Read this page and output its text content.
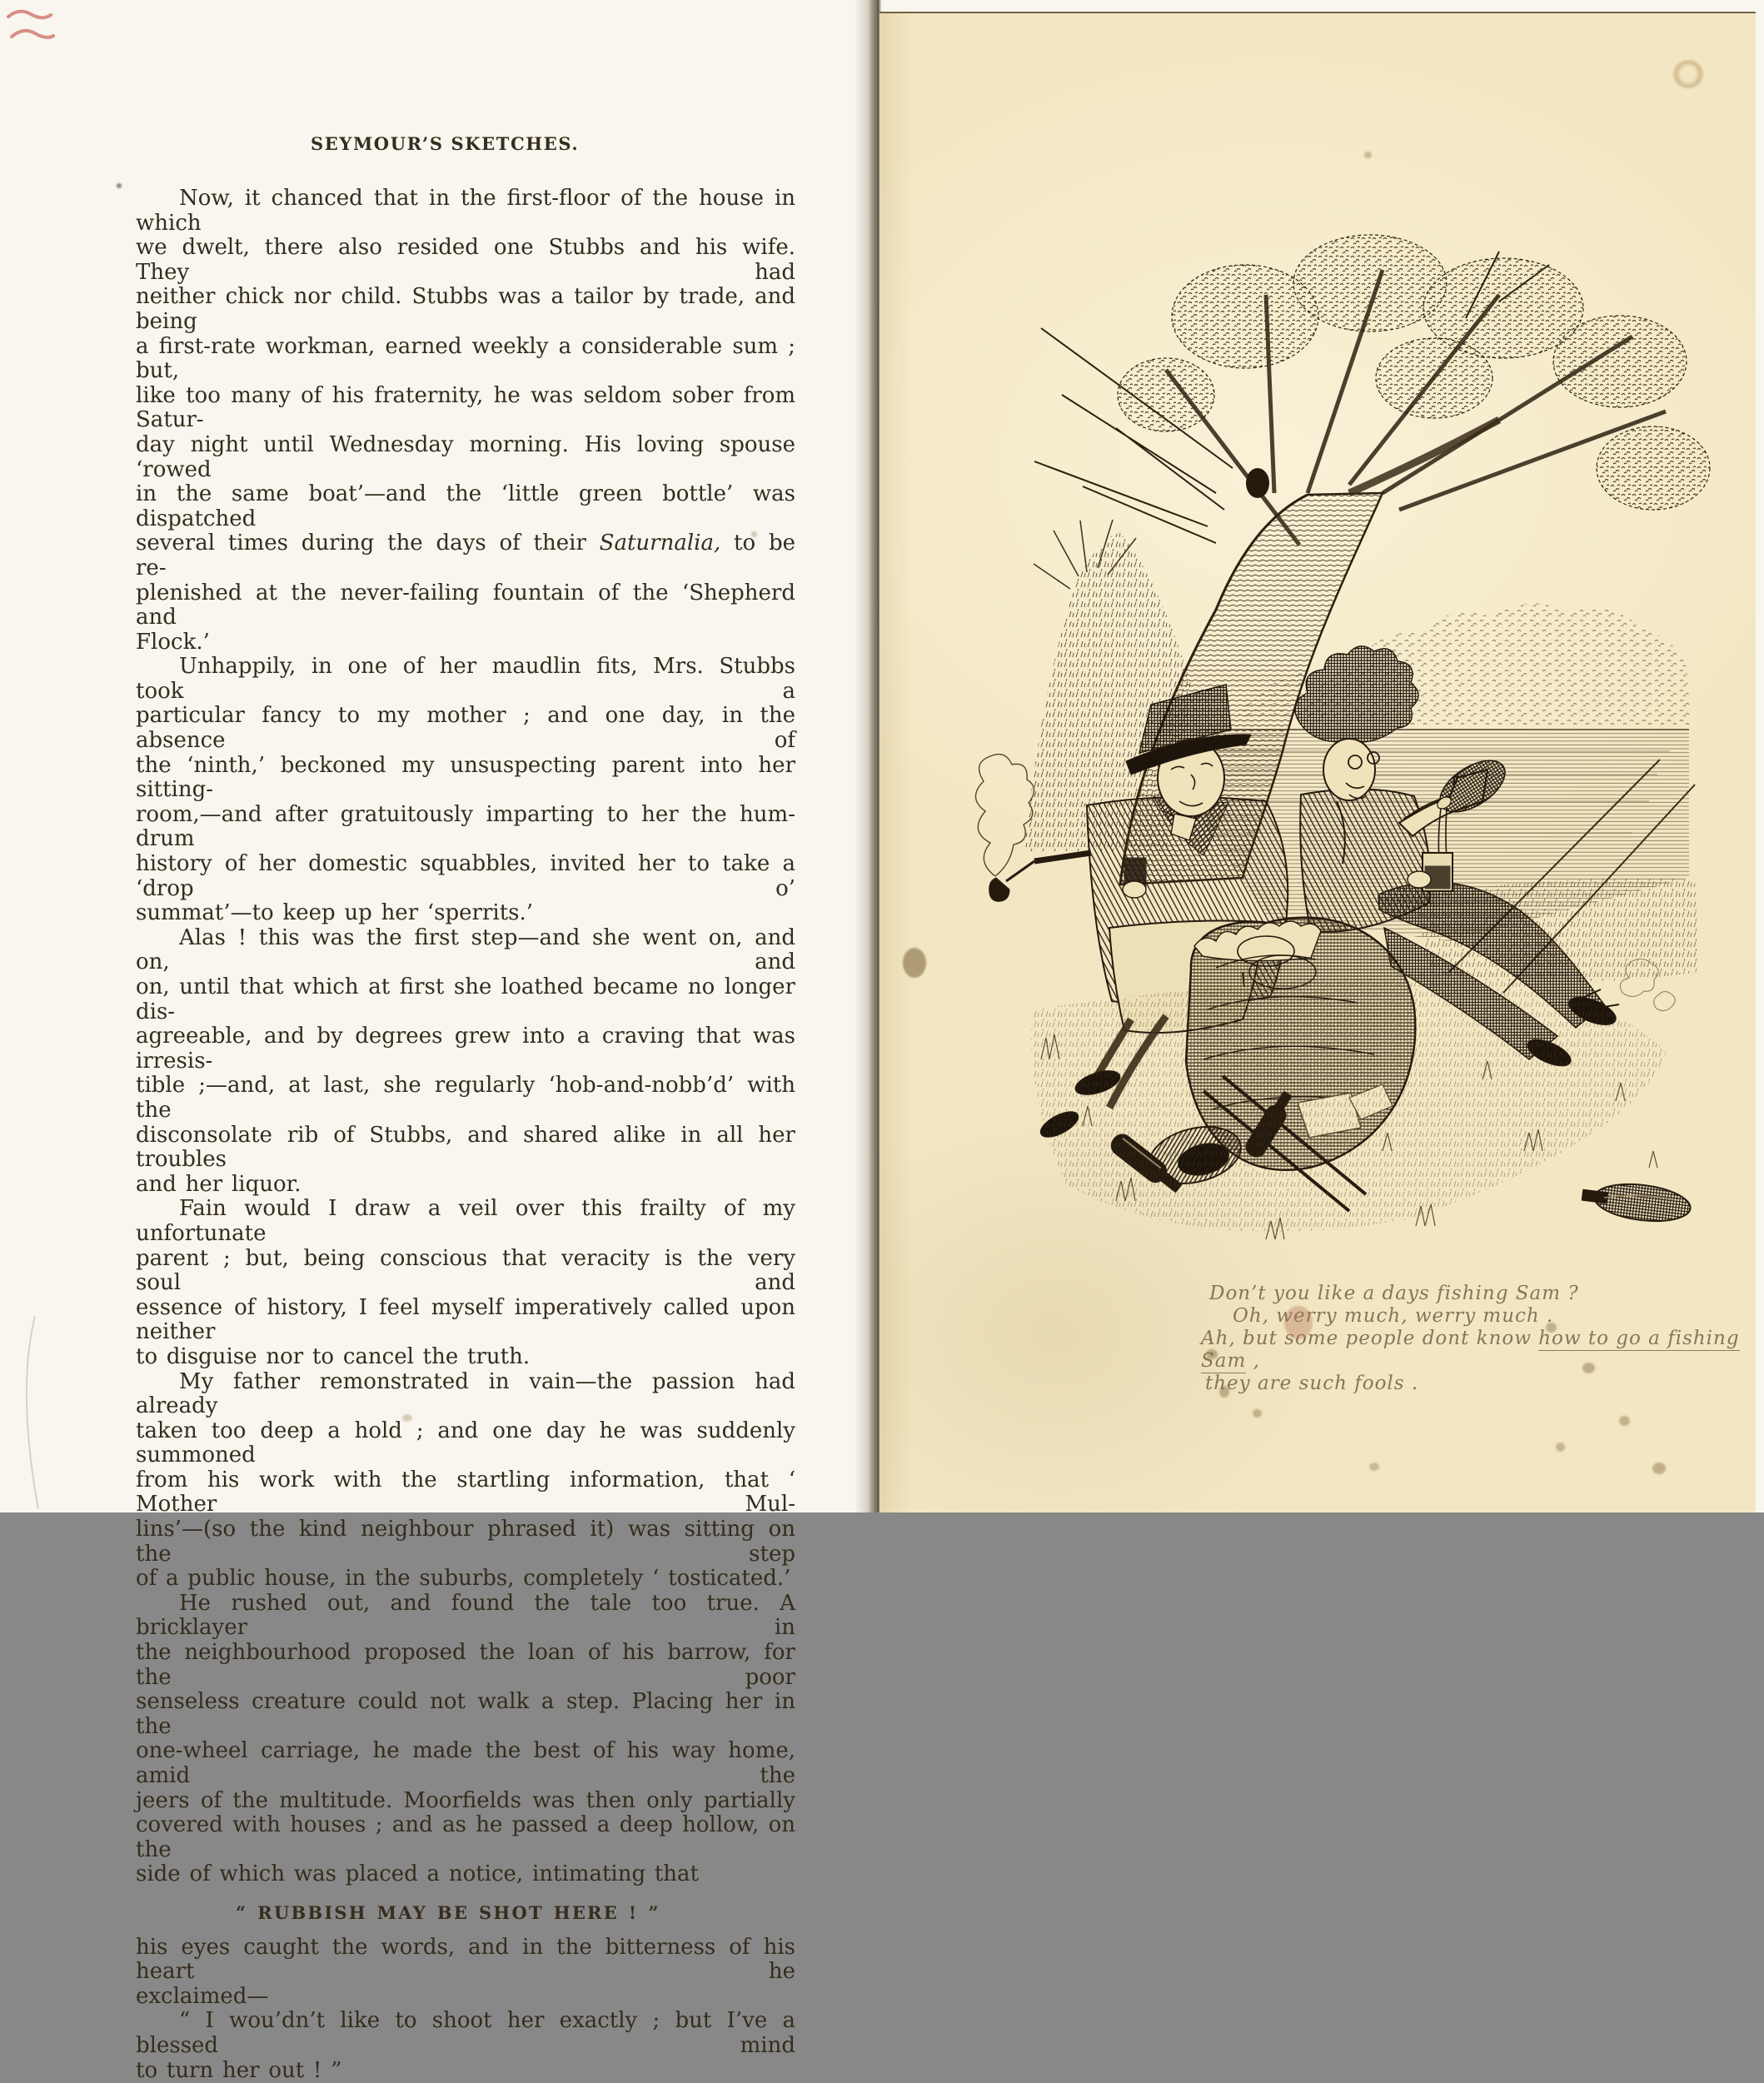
SEYMOUR’S SKETCHES.
Now, it chanced that in the first-floor of the house in which
we dwelt, there also resided one Stubbs and his wife. They had
neither chick nor child. Stubbs was a tailor by trade, and being
a first-rate workman, earned weekly a considerable sum ; but,
like too many of his fraternity, he was seldom sober from Satur-
day night until Wednesday morning. His loving spouse ‘rowed
in the same boat’—and the ‘little green bottle’ was dispatched
several times during the days of their Saturnalia, to be re-
plenished at the never-failing fountain of the ‘Shepherd and
Flock.’
Unhappily, in one of her maudlin fits, Mrs. Stubbs took a
particular fancy to my mother ; and one day, in the absence of
the ‘ninth,’ beckoned my unsuspecting parent into her sitting-
room,—and after gratuitously imparting to her the hum-drum
history of her domestic squabbles, invited her to take a ‘drop o’
summat’—to keep up her ‘sperrits.’
Alas ! this was the first step—and she went on, and on, and
on, until that which at first she loathed became no longer dis-
agreeable, and by degrees grew into a craving that was irresis-
tible ;—and, at last, she regularly ‘hob-and-nobb’d’ with the
disconsolate rib of Stubbs, and shared alike in all her troubles
and her liquor.
Fain would I draw a veil over this frailty of my unfortunate
parent ; but, being conscious that veracity is the very soul and
essence of history, I feel myself imperatively called upon neither
to disguise nor to cancel the truth.
My father remonstrated in vain—the passion had already
taken too deep a hold ; and one day he was suddenly summoned
from his work with the startling information, that ‘ Mother Mul-
lins’—(so the kind neighbour phrased it) was sitting on the step
of a public house, in the suburbs, completely ‘ tosticated.’
He rushed out, and found the tale too true. A bricklayer in
the neighbourhood proposed the loan of his barrow, for the poor
senseless creature could not walk a step. Placing her in the
one-wheel carriage, he made the best of his way home, amid the
jeers of the multitude. Moorfields was then only partially
covered with houses ; and as he passed a deep hollow, on the
side of which was placed a notice, intimating that
“ RUBBISH MAY BE SHOT HERE ! ”
his eyes caught the words, and in the bitterness of his heart he
exclaimed—
“ I wou’dn’t like to shoot her exactly ; but I’ve a blessed mind
to turn her out ! ”
Don’t you like a days fishing Sam ?
Oh, werry much, werry much .
Ah, but some people dont know how to go a fishing Sam ,
they are such fools .
